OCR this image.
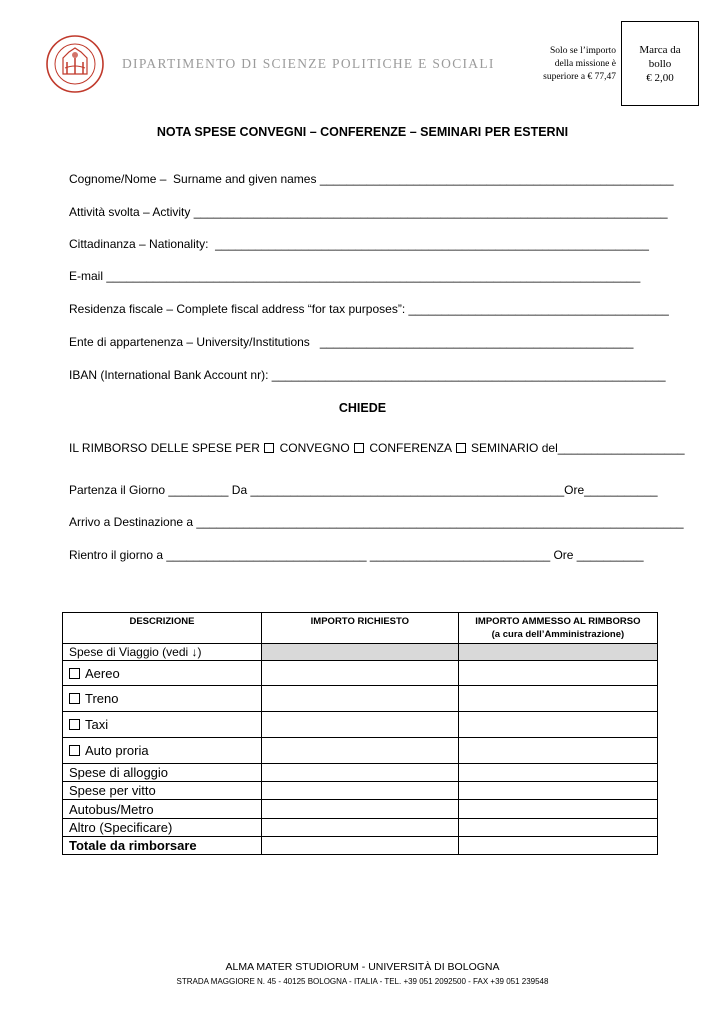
DIPARTIMENTO DI SCIENZE POLITICHE E SOCIALI
Solo se l’importo
della missione è
superiore a € 77,47
Marca da
bollo
€ 2,00
NOTA SPESE CONVEGNI – CONFERENZE – SEMINARI PER ESTERNI
Cognome/Nome –  Surname and given names _____________________________________________________
Attività svolta – Activity _______________________________________________________________________
Cittadinanza – Nationality:  _________________________________________________________________
E-mail ________________________________________________________________________________
Residenza fiscale – Complete fiscal address “for tax purposes”: _______________________________________
Ente di appartenenza – University/Institutions   _______________________________________________
IBAN (International Bank Account nr): ___________________________________________________________
CHIEDE
IL RIMBORSO DELLE SPESE PER  CONVEGNO CONFERENZA SEMINARIO del___________________
Partenza il Giorno _________ Da _______________________________________________Ore___________
Arrivo a Destinazione a _________________________________________________________________________
Rientro il giorno a ______________________________ ___________________________ Ore __________
DESCRIZIONE	IMPORTO RICHIESTO	IMPORTO AMMESSO AL RIMBORSO
(a cura dell’Amministrazione)

Spese di Viaggio (vedi ↓)		
Aereo		
Treno		
Taxi		
Auto proria		
Spese di alloggio		
Spese per vitto		
Autobus/Metro		
Altro (Specificare)		
Totale da rimborsare		
ALMA MATER STUDIORUM - UNIVERSITÀ DI BOLOGNA
STRADA MAGGIORE N. 45 - 40125 BOLOGNA - ITALIA - TEL. +39 051 2092500 - FAX +39 051 239548
